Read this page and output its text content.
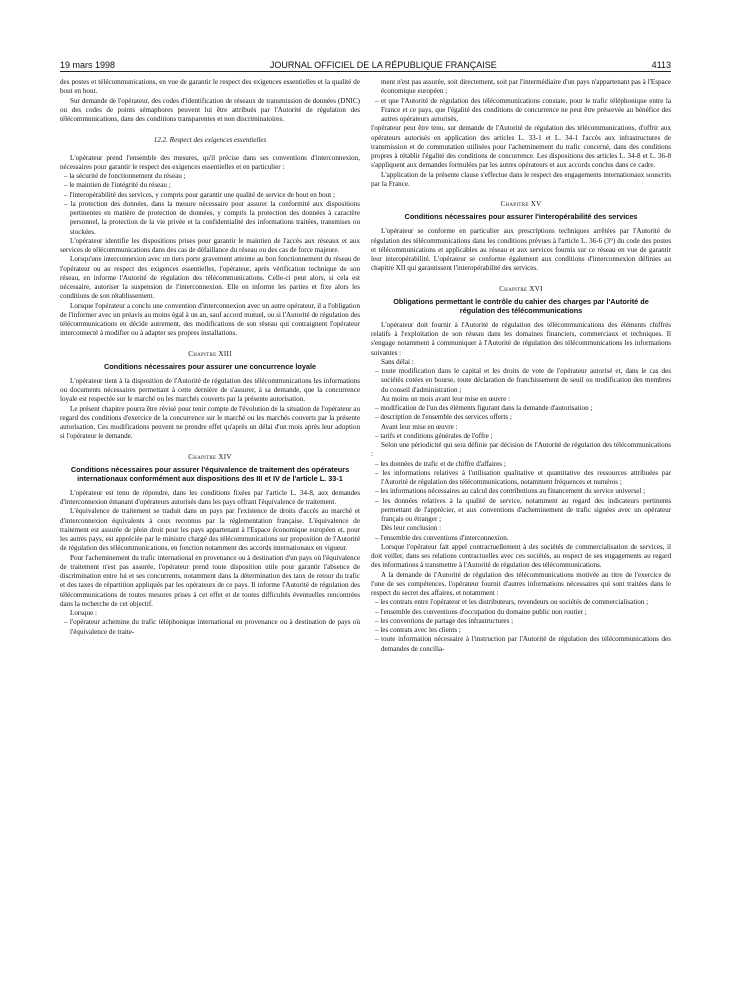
19 mars 1998	JOURNAL OFFICIEL DE LA RÉPUBLIQUE FRANÇAISE	4113

des postes et télécommunications, en vue de garantir le respect des exigences essentielles et la qualité de bout en bout.

Sur demande de l'opérateur, des codes d'identification de réseaux de transmission de données (DNIC) ou des codes de points sémaphores peuvent lui être attribués par l'Autorité de régulation des télécommunications, dans des conditions transparentes et non discriminatoires.

12.2. Respect des exigences essentielles

L'opérateur prend l'ensemble des mesures, qu'il précise dans ses conventions d'interconnexion, nécessaires pour garantir le respect des exigences essentielles et en particulier :

– la sécurité de fonctionnement du réseau ;
– le maintien de l'intégrité du réseau ;
– l'interopérabilité des services, y compris pour garantir une qualité de service de bout en bout ;
– la protection des données, dans la mesure nécessaire pour assurer la conformité aux dispositions pertinentes en matière de protection de données, y compris la protection des données à caractère personnel, la protection de la vie privée et la confidentialité des informations traitées, transmises ou stockées.

L'opérateur identifie les dispositions prises pour garantir le maintien de l'accès aux réseaux et aux services de télécommunications dans des cas de défaillance du réseau ou des cas de force majeure.

Lorsqu'une interconnexion avec un tiers porte gravement atteinte au bon fonctionnement du réseau de l'opérateur ou au respect des exigences essentielles, l'opérateur, après vérification technique de son réseau, en informe l'Autorité de régulation des télécommunications. Celle-ci peut alors, si cela est nécessaire, autoriser la suspension de l'interconnexion. Elle en informe les parties et fixe alors les conditions de son rétablissement.

Lorsque l'opérateur a conclu une convention d'interconnexion avec un autre opérateur, il a l'obligation de l'informer avec un préavis au moins égal à un an, sauf accord mutuel, ou si l'Autorité de régulation des télécommunications en décide autrement, des modifications de son réseau qui contraignent l'opérateur interconnecté à modifier ou à adapter ses propres installations.

Chapitre XIII
Conditions nécessaires pour assurer une concurrence loyale

L'opérateur tient à la disposition de l'Autorité de régulation des télécommunications les informations ou documents nécessaires permettant à cette dernière de s'assurer, à sa demande, que la concurrence loyale est respectée sur le marché ou les marchés couverts par la présente autorisation.

Le présent chapitre pourra être révisé pour tenir compte de l'évolution de la situation de l'opérateur au regard des conditions d'exercice de la concurrence sur le marché ou les marchés couverts par la présente autorisation. Ces modifications peuvent ne prendre effet qu'après un délai d'un mois après leur adoption si l'opérateur le demande.

Chapitre XIV
Conditions nécessaires pour assurer l'équivalence de traitement des opérateurs internationaux conformément aux dispositions des III et IV de l'article L. 33-1

L'opérateur est tenu de répondre, dans les conditions fixées par l'article L. 34-8, aux demandes d'interconnexion émanant d'opérateurs autorisés dans les pays offrant l'équivalence de traitement.

L'équivalence de traitement se traduit dans un pays par l'existence de droits d'accès au marché et d'interconnexion équivalents à ceux reconnus par la réglementation française. L'équivalence de traitement est assurée de plein droit pour les pays appartenant à l'Espace économique européen et, pour les autres pays, est appréciée par le ministre chargé des télécommunications sur proposition de l'Autorité de régulation des télécommunications, en fonction notamment des accords internationaux en vigueur.

Pour l'acheminement du trafic international en provenance ou à destination d'un pays où l'équivalence de traitement n'est pas assurée, l'opérateur prend toute disposition utile pour garantir l'absence de discrimination entre lui et ses concurrents, notamment dans la détermination des taux de retour du trafic et des taxes de répartition appliqués par les opérateurs de ce pays. Il informe l'Autorité de régulation des télécommunications de toutes mesures prises à cet effet et de toutes difficultés éventuelles rencontrées dans la recherche de cet objectif.

Lorsque :

– l'opérateur achemine du trafic téléphonique international en provenance ou à destination de pays où l'équivalence de traite-
ment n'est pas assurée, soit directement, soit par l'intermédiaire d'un pays n'appartenant pas à l'Espace économique européen ;
– et que l'Autorité de régulation des télécommunications constate, pour le trafic téléphonique entre la France et ce pays, que l'égalité des conditions de concurrence ne peut être préservée au bénéfice des autres opérateurs autorisés,

l'opérateur peut être tenu, sur demande de l'Autorité de régulation des télécommunications, d'offrir aux opérateurs autorisés en application des articles L. 33-1 et L. 34-1 l'accès aux infrastructures de transmission et de commutation utilisées pour l'acheminement du trafic concerné, dans des conditions propres à rétablir l'égalité des conditions de concurrence. Les dispositions des articles L. 34-8 et L. 36-8 s'appliquent aux demandes formulées par les autres opérateurs et aux accords conclus dans ce cadre.

L'application de la présente clause s'effectue dans le respect des engagements internationaux souscrits par la France.

Chapitre XV
Conditions nécessaires pour assurer l'interopérabilité des services

L'opérateur se conforme en particulier aux prescriptions techniques arrêtées par l'Autorité de régulation des télécommunications dans les conditions prévues à l'article L. 36-6 (3°) du code des postes et télécommunications et applicables au réseau et aux services fournis sur ce réseau en vue de garantir leur interopérabilité. L'opérateur se conforme également aux conditions d'interconnexion définies au chapitre XII qui garantissent l'interopérabilité des services.

Chapitre XVI
Obligations permettant le contrôle du cahier des charges par l'Autorité de régulation des télécommunications

L'opérateur doit fournir à l'Autorité de régulation des télécommunications des éléments chiffrés relatifs à l'exploitation de son réseau dans les domaines financiers, commerciaux et techniques. Il s'engage notamment à communiquer à l'Autorité de régulation des télécommunications les informations suivantes :

Sans délai :

– toute modification dans le capital et les droits de vote de l'opérateur autorisé et, dans le cas des sociétés cotées en bourse, toute déclaration de franchissement de seuil ou modification des membres du conseil d'administration ;

Au moins un mois avant leur mise en œuvre :

– modification de l'un des éléments figurant dans la demande d'autorisation ;
– description de l'ensemble des services offerts ;

Avant leur mise en œuvre :

– tarifs et conditions générales de l'offre ;

Selon une périodicité qui sera définie par décision de l'Autorité de régulation des télécommunications :

– les données de trafic et de chiffre d'affaires ;
– les informations relatives à l'utilisation qualitative et quantitative des ressources attribuées par l'Autorité de régulation des télécommunications, notamment fréquences et numéros ;
– les informations nécessaires au calcul des contributions au financement du service universel ;
– les données relatives à la qualité de service, notamment au regard des indicateurs pertinents permettant de l'apprécier, et aux conventions d'acheminement de trafic signées avec un opérateur français ou étranger ;

Dès leur conclusion :

– l'ensemble des conventions d'interconnexion.

Lorsque l'opérateur fait appel contractuellement à des sociétés de commercialisation de services, il doit veiller, dans ses relations contractuelles avec ces sociétés, au respect de ses engagements au regard des informations à transmettre à l'Autorité de régulation des télécommunications.

A la demande de l'Autorité de régulation des télécommunications motivée au titre de l'exercice de l'une de ses compétences, l'opérateur fournit d'autres informations nécessaires qui sont traitées dans le respect du secret des affaires, et notamment :

– les contrats entre l'opérateur et les distributeurs, revendeurs ou sociétés de commercialisation ;
– l'ensemble des conventions d'occupation du domaine public non routier ;
– les conventions de partage des infrastructures ;
– les contrats avec les clients ;
– toute information nécessaire à l'instruction par l'Autorité de régulation des télécommunications des demandes de concilia-
